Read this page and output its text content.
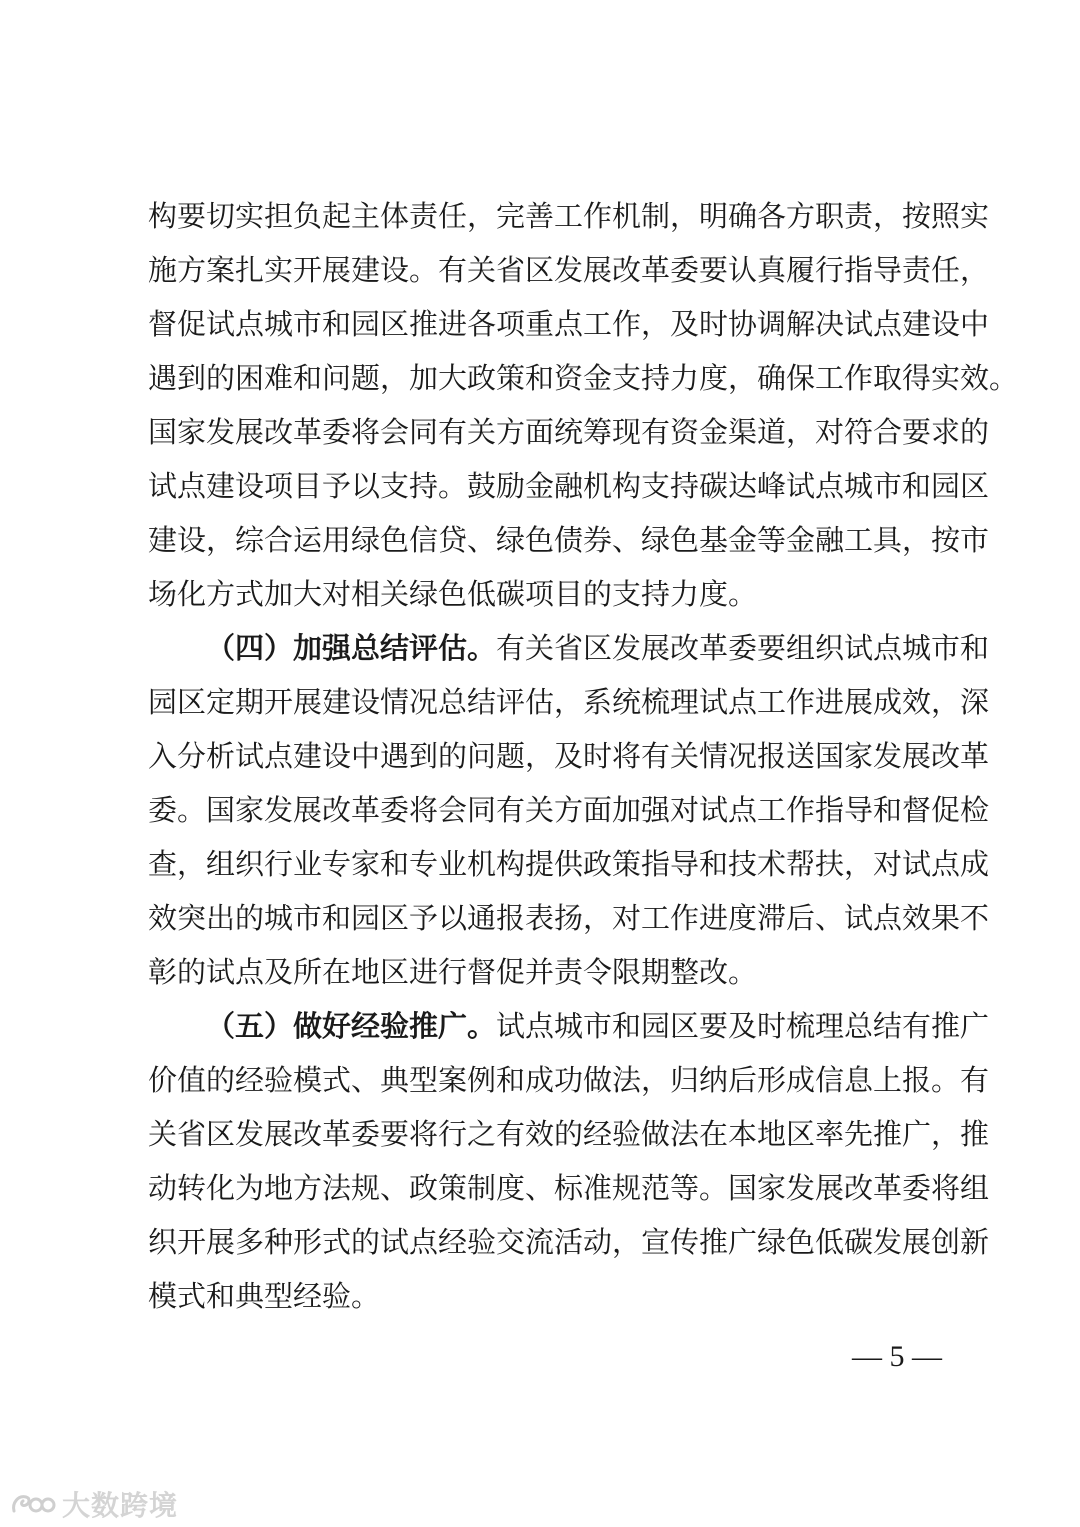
构要切实担负起主体责任，完善工作机制，明确各方职责，按照实
施方案扎实开展建设。有关省区发展改革委要认真履行指导责任，
督促试点城市和园区推进各项重点工作，及时协调解决试点建设中
遇到的困难和问题，加大政策和资金支持力度，确保工作取得实效。
国家发展改革委将会同有关方面统筹现有资金渠道，对符合要求的
试点建设项目予以支持。鼓励金融机构支持碳达峰试点城市和园区
建设，综合运用绿色信贷、绿色债券、绿色基金等金融工具，按市
场化方式加大对相关绿色低碳项目的支持力度。
（四）加强总结评估。有关省区发展改革委要组织试点城市和
园区定期开展建设情况总结评估，系统梳理试点工作进展成效，深
入分析试点建设中遇到的问题，及时将有关情况报送国家发展改革
委。国家发展改革委将会同有关方面加强对试点工作指导和督促检
查，组织行业专家和专业机构提供政策指导和技术帮扶，对试点成
效突出的城市和园区予以通报表扬，对工作进度滞后、试点效果不
彰的试点及所在地区进行督促并责令限期整改。
（五）做好经验推广。试点城市和园区要及时梳理总结有推广
价值的经验模式、典型案例和成功做法，归纳后形成信息上报。有
关省区发展改革委要将行之有效的经验做法在本地区率先推广，推
动转化为地方法规、政策制度、标准规范等。国家发展改革委将组
织开展多种形式的试点经验交流活动，宣传推广绿色低碳发展创新
模式和典型经验。
— 5 —
大数跨境
